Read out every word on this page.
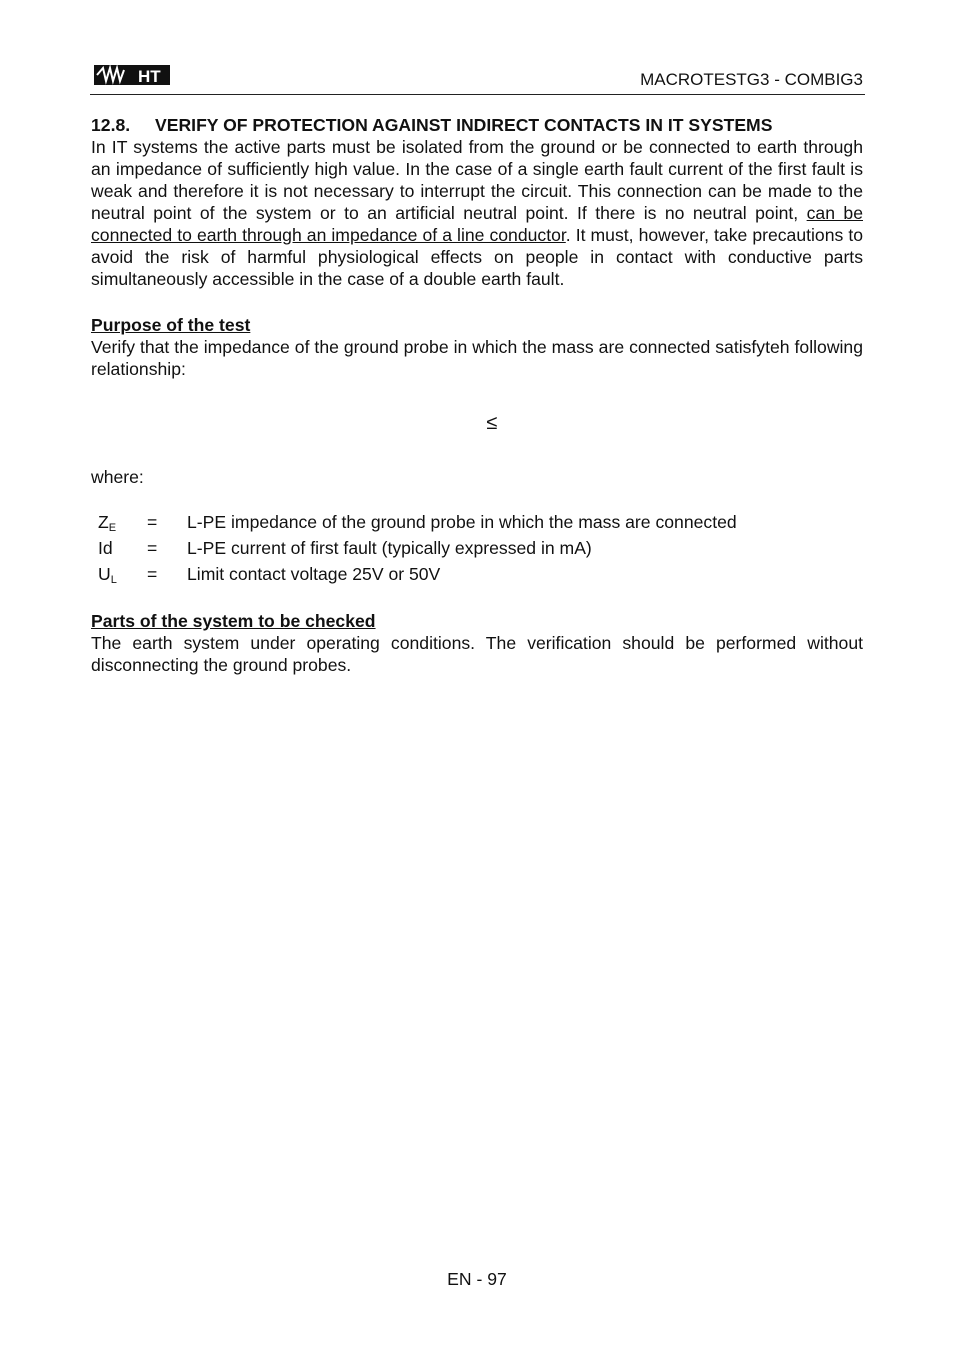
HT	MACROTESTG3 - COMBIG3
12.8. VERIFY OF PROTECTION AGAINST INDIRECT CONTACTS IN IT SYSTEMS

In IT systems the active parts must be isolated from the ground or be connected to earth through an impedance of sufficiently high value. In the case of a single earth fault current of the first fault is weak and therefore it is not necessary to interrupt the circuit. This connection can be made to the neutral point of the system or to an artificial neutral point. If there is no neutral point, can be connected to earth through an impedance of a line conductor. It must, however, take precautions to avoid the risk of harmful physiological effects on people in contact with conductive parts simultaneously accessible in the case of a double earth fault.

Purpose of the test

Verify that the impedance of the ground probe in which the mass are connected satisfyteh following relationship:

≤
where:
$Z_E$	=	L-PE impedance of the ground probe in which the mass are connected
Id	=	L-PE current of first fault (typically expressed in mA)
$U_L$	=	Limit contact voltage 25V or 50V
Parts of the system to be checked

The earth system under operating conditions. The verification should be performed without disconnecting the ground probes.

EN - 97
